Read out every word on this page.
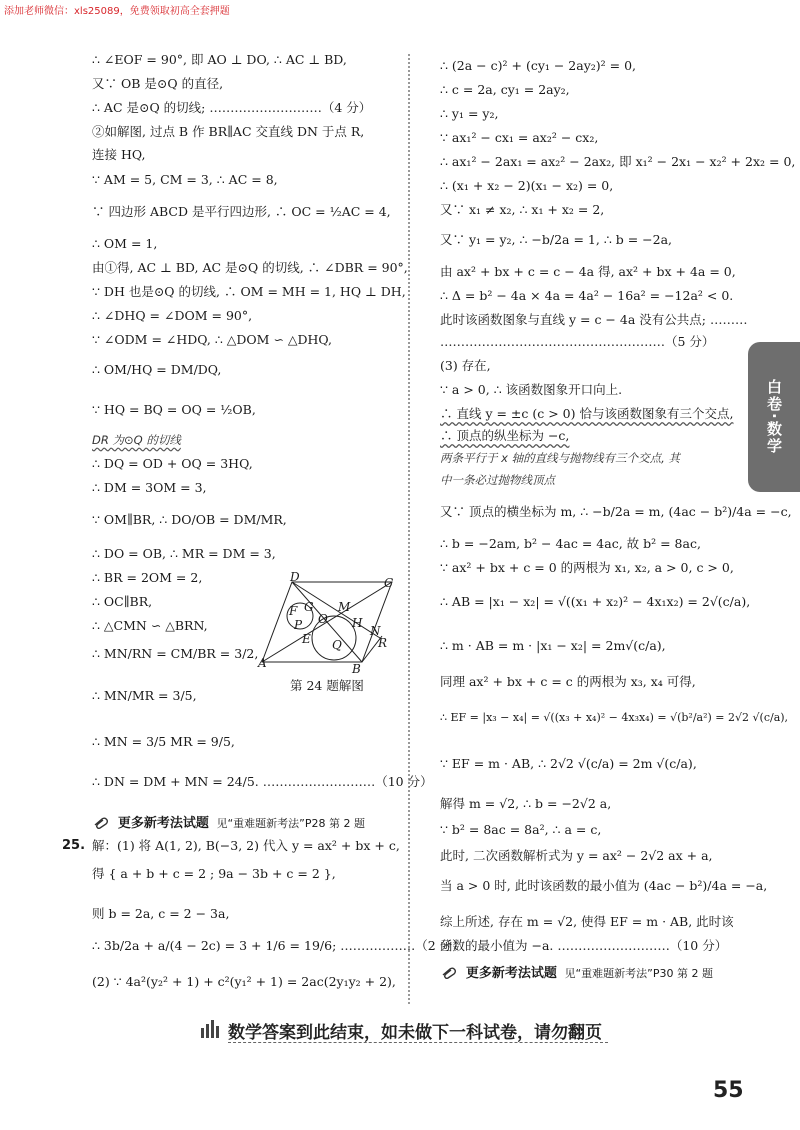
添加老师微信：xls25089，免费领取初高全套押题
∴ ∠EOF = 90°, 即 AO ⊥ DO, ∴ AC ⊥ BD,
又∵ OB 是⊙Q 的直径,
∴ AC 是⊙Q 的切线; ………………………（4 分）
②如解图, 过点 B 作 BR∥AC 交直线 DN 于点 R,
连接 HQ,
∵ AM = 5, CM = 3, ∴ AC = 8,
∵ 四边形 ABCD 是平行四边形, ∴ OC = ½AC = 4,
∴ OM = 1,
由①得, AC ⊥ BD, AC 是⊙Q 的切线, ∴ ∠DBR = 90°,
∵ DH 也是⊙Q 的切线, ∴ OM = MH = 1, HQ ⊥ DH,
∴ ∠DHQ = ∠DOM = 90°,
∵ ∠ODM = ∠HDQ, ∴ △DOM ∽ △DHQ,
∴ OM/HQ = DM/DQ,
∵ HQ = BQ = OQ = ½OB,
DR 为⊙Q 的切线
∴ DQ = OD + OQ = 3HQ,
∴ DM = 3OM = 3,
∵ OM∥BR, ∴ DO/OB = DM/MR,
∴ DO = OB, ∴ MR = DM = 3,
∴ BR = 2OM = 2,
∴ OC∥BR,
∴ △CMN ∽ △BRN,
∴ MN/RN = CM/BR = 3/2,
∴ MN/MR = 3/5,
∴ MN = 3/5 MR = 9/5,
∴ DN = DM + MN = 24/5. ………………………（10 分）
D	C
F G
P O
M
H
E Q
N
R
A	B
第 24 题解图
更多新考法试题 见“重难题新考法”P28 第 2 题
25. 解：(1) 将 A(1, 2), B(−3, 2) 代入 y = ax² + bx + c,
得 { a + b + c = 2 ; 9a − 3b + c = 2 },
则 b = 2a, c = 2 − 3a,
∴ 3b/2a + a/(4 − 2c) = 3 + 1/6 = 19/6; ………………（2 分）
(2) ∵ 4a²(y₂² + 1) + c²(y₁² + 1) = 2ac(2y₁y₂ + 2),
∴ (2a − c)² + (cy₁ − 2ay₂)² = 0,
∴ c = 2a, cy₁ = 2ay₂,
∴ y₁ = y₂,
∵ ax₁² − cx₁ = ax₂² − cx₂,
∴ ax₁² − 2ax₁ = ax₂² − 2ax₂, 即 x₁² − 2x₁ − x₂² + 2x₂ = 0,
∴ (x₁ + x₂ − 2)(x₁ − x₂) = 0,
又∵ x₁ ≠ x₂, ∴ x₁ + x₂ = 2,
又∵ y₁ = y₂, ∴ −b/2a = 1, ∴ b = −2a,
由 ax² + bx + c = c − 4a 得, ax² + bx + 4a = 0,
∴ Δ = b² − 4a × 4a = 4a² − 16a² = −12a² < 0.
此时该函数图象与直线 y = c − 4a 没有公共点; ………
………………………………………………（5 分）
(3) 存在,
∵ a > 0, ∴ 该函数图象开口向上.
∴ 直线 y = ±c (c > 0) 恰与该函数图象有三个交点,
∴ 顶点的纵坐标为 −c,
两条平行于 x 轴的直线与抛物线有三个交点, 其
中一条必过抛物线顶点
又∵ 顶点的横坐标为 m, ∴ −b/2a = m, (4ac − b²)/4a = −c,
∴ b = −2am, b² − 4ac = 4ac, 故 b² = 8ac,
∵ ax² + bx + c = 0 的两根为 x₁, x₂, a > 0, c > 0,
∴ AB = |x₁ − x₂| = √((x₁ + x₂)² − 4x₁x₂) = 2√(c/a),
∴ m · AB = m · |x₁ − x₂| = 2m√(c/a),
同理 ax² + bx + c = c 的两根为 x₃, x₄ 可得,
∴ EF = |x₃ − x₄| = √((x₃ + x₄)² − 4x₃x₄) = √(b²/a²) = 2√2 √(c/a),
∵ EF = m · AB, ∴ 2√2 √(c/a) = 2m √(c/a),
解得 m = √2, ∴ b = −2√2 a,
∵ b² = 8ac = 8a², ∴ a = c,
此时, 二次函数解析式为 y = ax² − 2√2 ax + a,
当 a > 0 时, 此时该函数的最小值为 (4ac − b²)/4a = −a,
综上所述, 存在 m = √2, 使得 EF = m · AB, 此时该
函数的最小值为 −a. ………………………（10 分）
更多新考法试题 见“重难题新考法”P30 第 2 题
白卷·数学
数学答案到此结束，如未做下一科试卷，请勿翻页
55
